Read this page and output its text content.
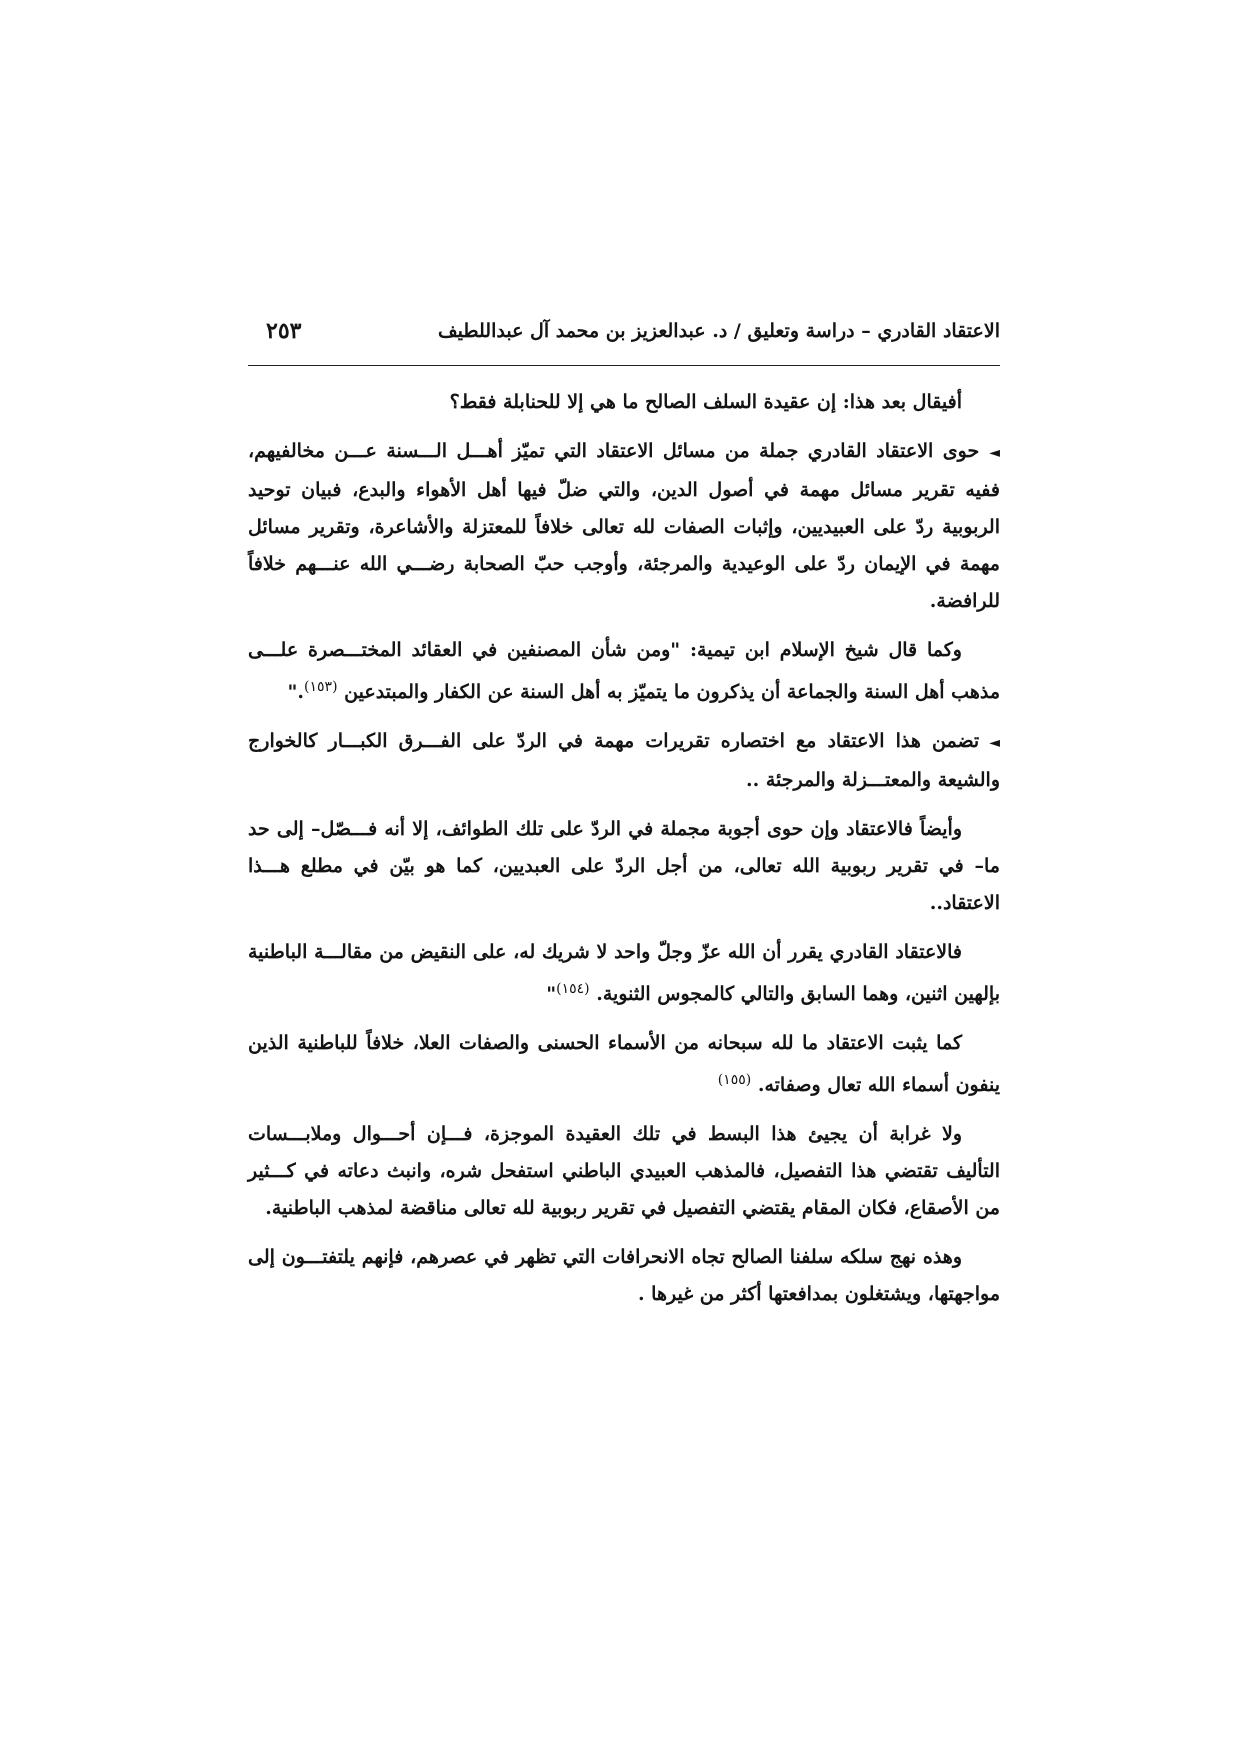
الاعتقاد القادري – دراسة وتعليق / د. عبدالعزيز بن محمد آل عبداللطيف
٢٥٣

أفيقال بعد هذا: إن عقيدة السلف الصالح ما هي إلا للحنابلة فقط؟

◄حوى الاعتقاد القادري جملة من مسائل الاعتقاد التي تميّز أهـــل الـــسنة عـــن مخالفيهم، ففيه تقرير مسائل مهمة في أصول الدين، والتي ضلّ فيها أهل الأهواء والبدع، فبيان توحيد الربوبية ردّ على العبيديين، وإثبات الصفات لله تعالى خلافاً للمعتزلة والأشاعرة، وتقرير مسائل مهمة في الإيمان ردّ على الوعيدية والمرجئة، وأوجب حبّ الصحابة رضـــي الله عنـــهم خلافاً للرافضة.

وكما قال شيخ الإسلام ابن تيمية: "ومن شأن المصنفين في العقائد المختـــصرة علـــى مذهب أهل السنة والجماعة أن يذكرون ما يتميّز به أهل السنة عن الكفار والمبتدعين $^{(١٥٣)}$."

◄تضمن هذا الاعتقاد مع اختصاره تقريرات مهمة في الردّ على الفـــرق الكبـــار كالخوارج والشيعة والمعتـــزلة والمرجئة ..

وأيضاً فالاعتقاد وإن حوى أجوبة مجملة في الردّ على تلك الطوائف، إلا أنه فـــصّل– إلى حد ما– في تقرير ربوبية الله تعالى، من أجل الردّ على العبديين، كما هو بيّن في مطلع هـــذا الاعتقاد..

فالاعتقاد القادري يقرر أن الله عزّ وجلّ واحد لا شريك له، على النقيض من مقالـــة الباطنية بإلهين اثنين، وهما السابق والتالي كالمجوس الثنوية. $^{(١٥٤)}$"

كما يثبت الاعتقاد ما لله سبحانه من الأسماء الحسنى والصفات العلا، خلافاً للباطنية الذين ينفون أسماء الله تعال وصفاته. $^{(١٥٥)}$

ولا غرابة أن يجيئ هذا البسط في تلك العقيدة الموجزة، فـــإن أحـــوال وملابـــسات التأليف تقتضي هذا التفصيل، فالمذهب العبيدي الباطني استفحل شره، وانبث دعاته في كـــثير من الأصقاع، فكان المقام يقتضي التفصيل في تقرير ربوبية لله تعالى مناقضة لمذهب الباطنية.

وهذه نهج سلكه سلفنا الصالح تجاه الانحرافات التي تظهر في عصرهم، فإنهم يلتفتـــون إلى مواجهتها، ويشتغلون بمدافعتها أكثر من غيرها .
